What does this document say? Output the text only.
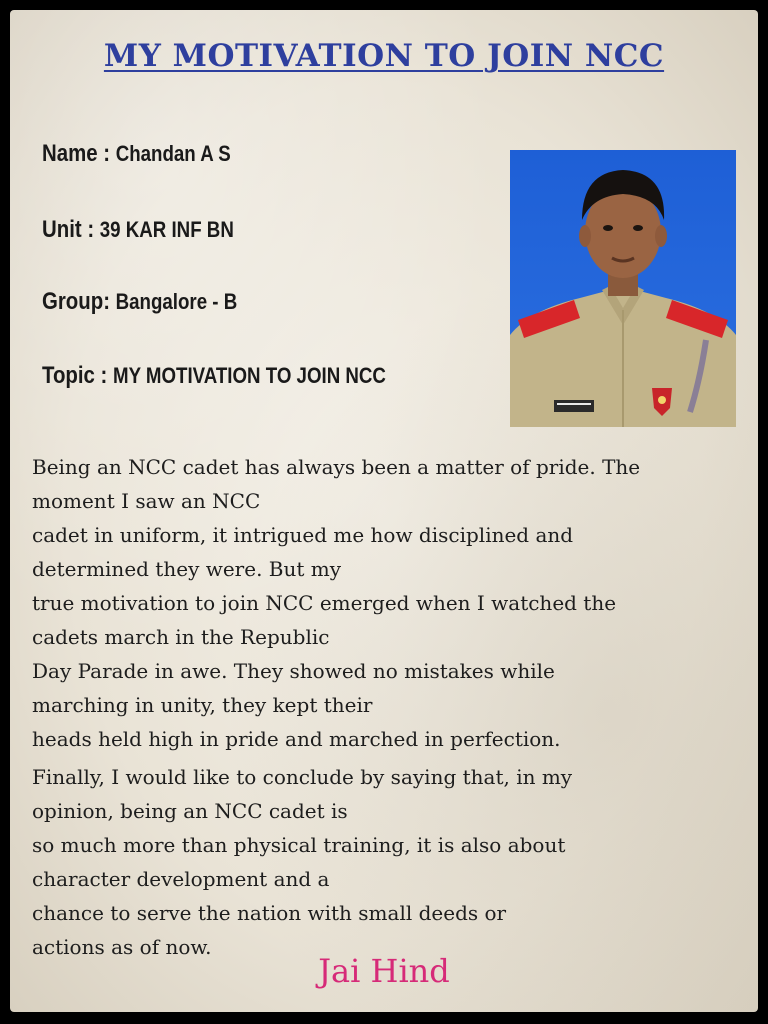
MY MOTIVATION TO JOIN NCC
Name : Chandan A S
Unit : 39 KAR INF BN
Group: Bangalore - B
Topic : MY MOTIVATION TO JOIN NCC
Being an NCC cadet has always been a matter of pride. The
moment I saw an NCC
cadet in uniform, it intrigued me how disciplined and
determined they were. But my
true motivation to join NCC emerged when I watched the
cadets march in the Republic
Day Parade in awe. They showed no mistakes while
marching in unity, they kept their
heads held high in pride and marched in perfection.
Finally, I would like to conclude by saying that, in my
opinion, being an NCC cadet is
so much more than physical training, it is also about
character development and a
chance to serve the nation with small deeds or
actions as of now.
Jai Hind
